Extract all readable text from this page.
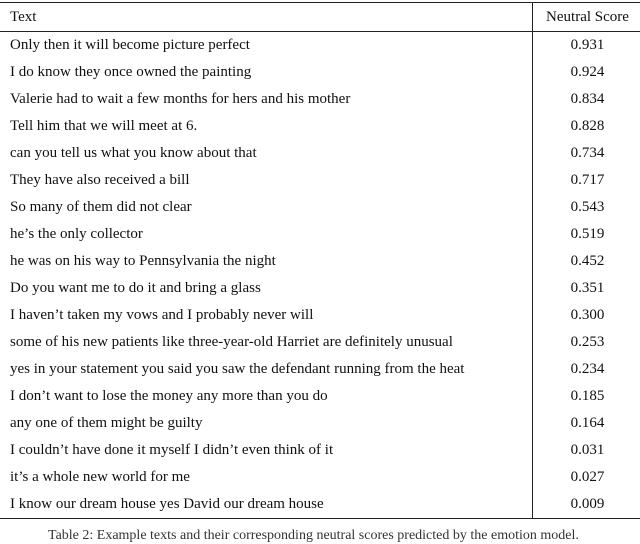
Text	Neutral Score
Only then it will become picture perfect	0.931
I do know they once owned the painting	0.924
Valerie had to wait a few months for hers and his mother	0.834
Tell him that we will meet at 6.	0.828
can you tell us what you know about that	0.734
They have also received a bill	0.717
So many of them did not clear	0.543
he’s the only collector	0.519
he was on his way to Pennsylvania the night	0.452
Do you want me to do it and bring a glass	0.351
I haven’t taken my vows and I probably never will	0.300
some of his new patients like three-year-old Harriet are definitely unusual	0.253
yes in your statement you said you saw the defendant running from the heat	0.234
I don’t want to lose the money any more than you do	0.185
any one of them might be guilty	0.164
I couldn’t have done it myself I didn’t even think of it	0.031
it’s a whole new world for me	0.027
I know our dream house yes David our dream house	0.009
Table 2: Example texts and their corresponding neutral scores predicted by the emotion model.
